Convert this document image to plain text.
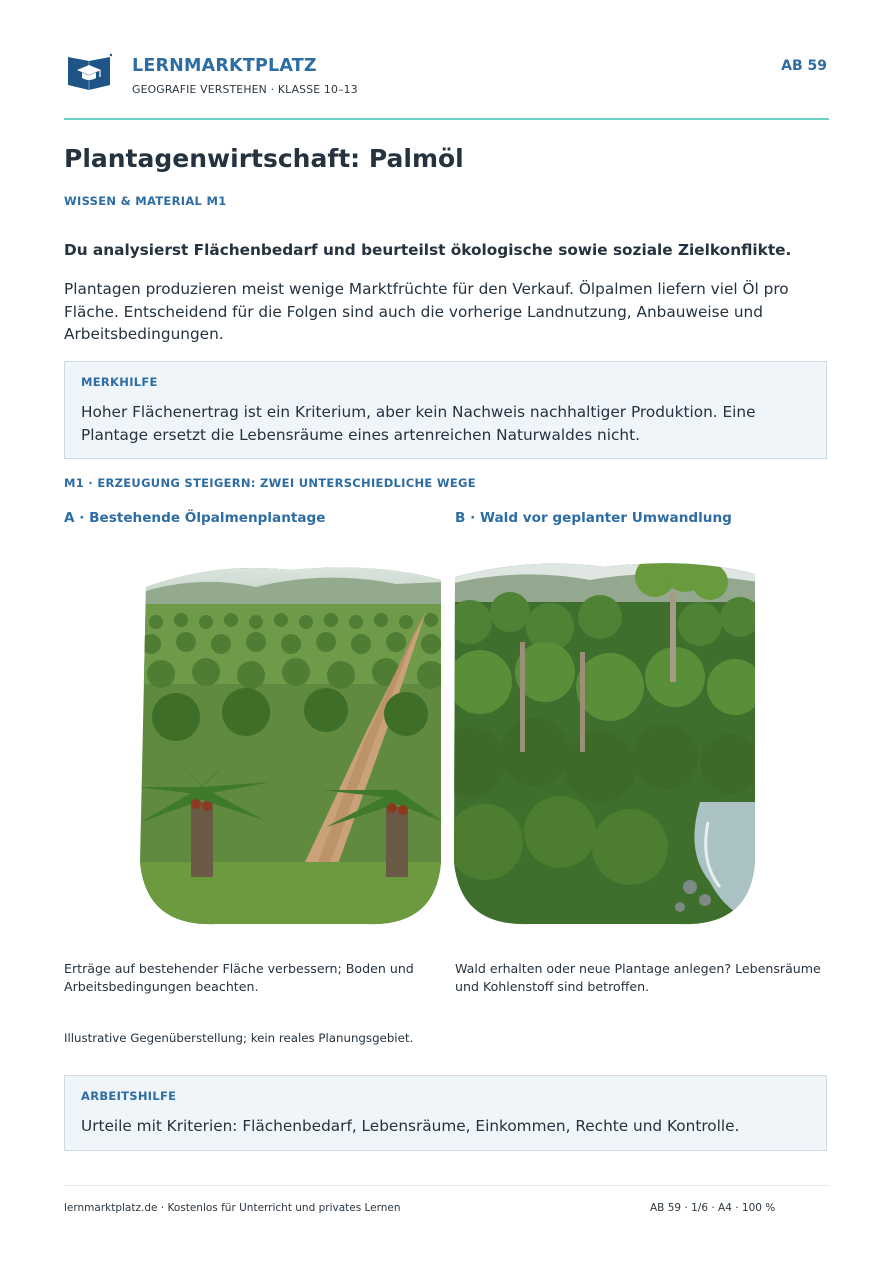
LERNMARKTPLATZ
GEOGRAFIE VERSTEHEN · KLASSE 10–13
AB 59
Plantagenwirtschaft: Palmöl
WISSEN & MATERIAL M1
Du analysierst Flächenbedarf und beurteilst ökologische sowie soziale Zielkonflikte.
Plantagen produzieren meist wenige Marktfrüchte für den Verkauf. Ölpalmen liefern viel Öl pro Fläche. Entscheidend für die Folgen sind auch die vorherige Landnutzung, Anbauweise und Arbeitsbedingungen.
MERKHILFE
Hoher Flächenertrag ist ein Kriterium, aber kein Nachweis nachhaltiger Produktion. Eine Plantage ersetzt die Lebensräume eines artenreichen Naturwaldes nicht.
M1 · ERZEUGUNG STEIGERN: ZWEI UNTERSCHIEDLICHE WEGE
A · Bestehende Ölpalmenplantage	B · Wald vor geplanter Umwandlung
Erträge auf bestehender Fläche verbessern; Boden und Arbeitsbedingungen beachten.
Wald erhalten oder neue Plantage anlegen? Lebensräume und Kohlenstoff sind betroffen.
Illustrative Gegenüberstellung; kein reales Planungsgebiet.
ARBEITSHILFE
Urteile mit Kriterien: Flächenbedarf, Lebensräume, Einkommen, Rechte und Kontrolle.
lernmarktplatz.de · Kostenlos für Unterricht und privates Lernen	AB 59 · 1/6 · A4 · 100 %
